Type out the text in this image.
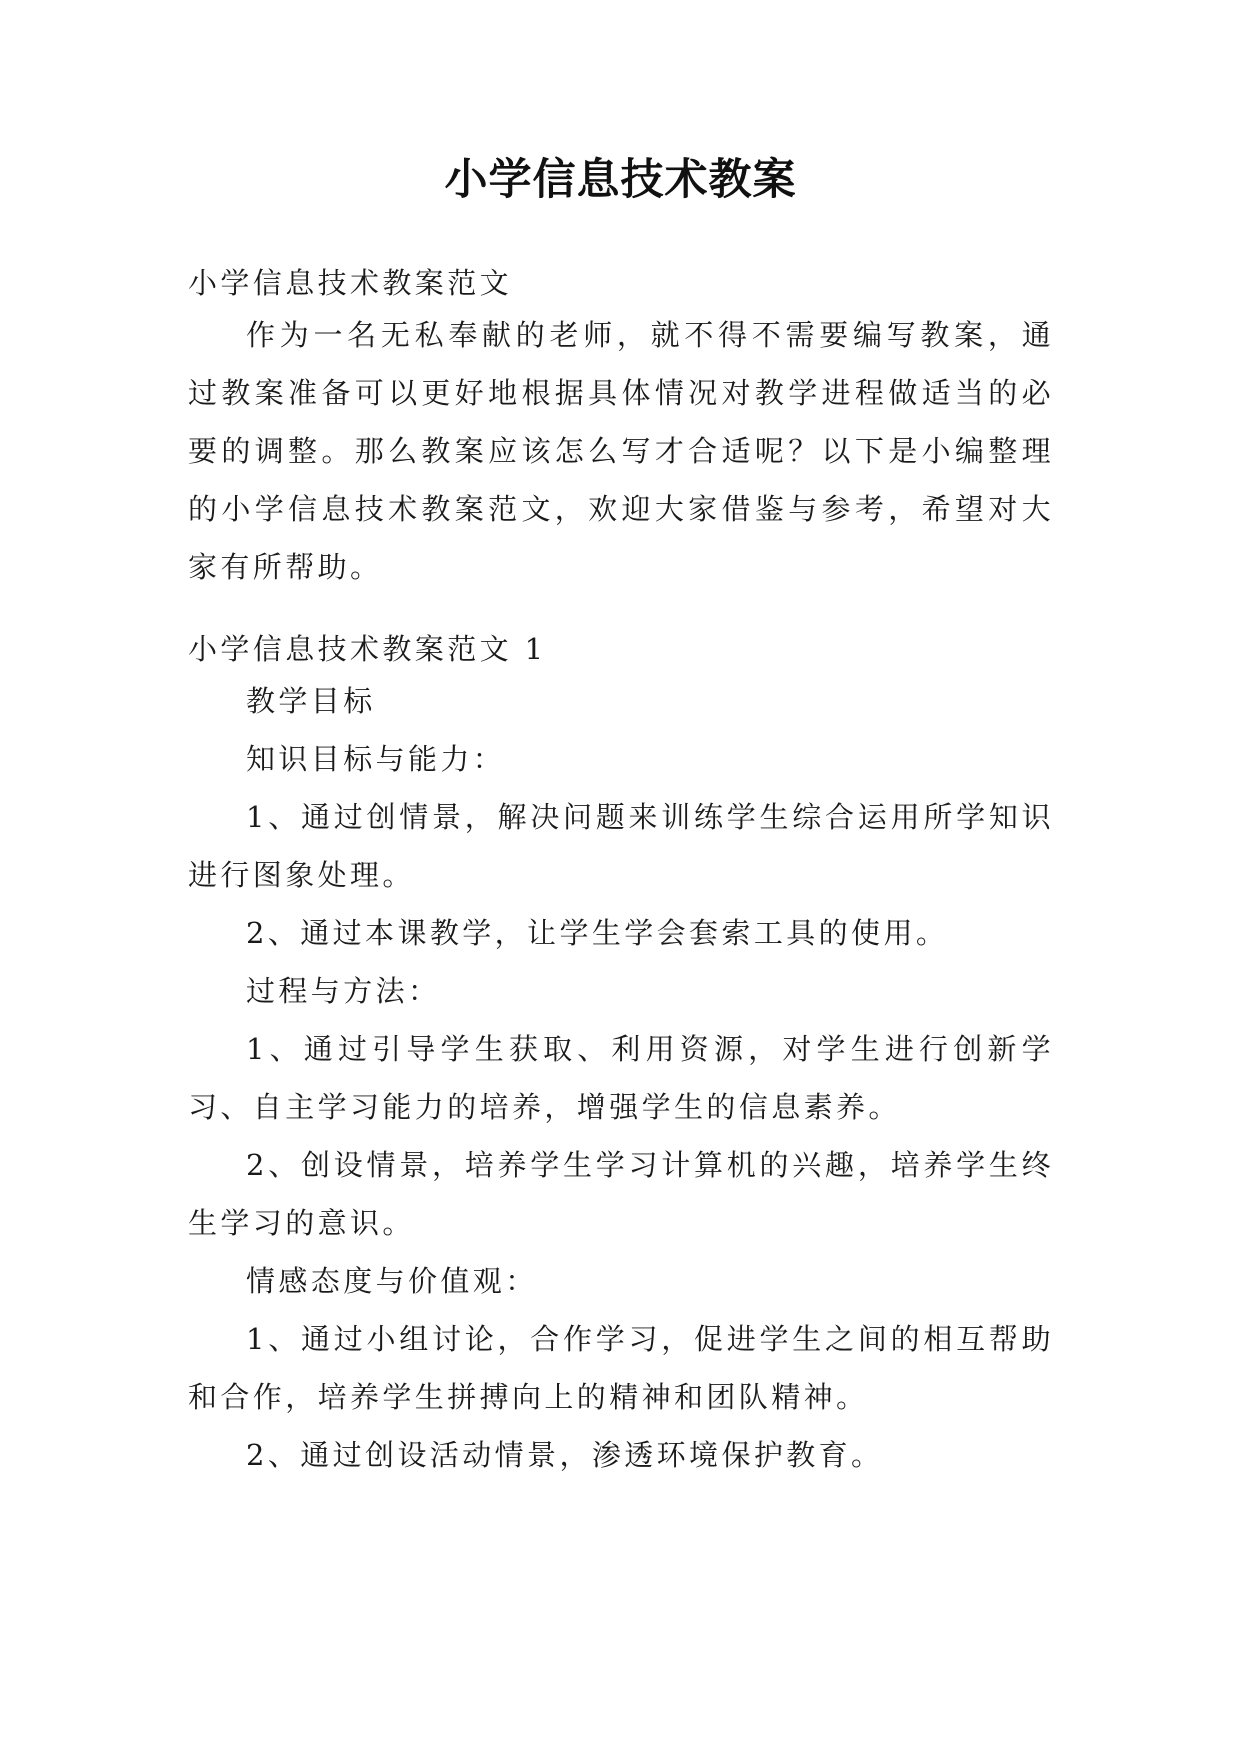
小学信息技术教案

小学信息技术教案范文

作为一名无私奉献的老师，就不得不需要编写教案，通过教案准备可以更好地根据具体情况对教学进程做适当的必要的调整。那么教案应该怎么写才合适呢？以下是小编整理的小学信息技术教案范文，欢迎大家借鉴与参考，希望对大家有所帮助。

小学信息技术教案范文 1

教学目标

知识目标与能力：

1、通过创情景，解决问题来训练学生综合运用所学知识进行图象处理。

2、通过本课教学，让学生学会套索工具的使用。

过程与方法：

1、通过引导学生获取、利用资源，对学生进行创新学习、自主学习能力的培养，增强学生的信息素养。

2、创设情景，培养学生学习计算机的兴趣，培养学生终生学习的意识。

情感态度与价值观：

1、通过小组讨论，合作学习，促进学生之间的相互帮助和合作，培养学生拼搏向上的精神和团队精神。

2、通过创设活动情景，渗透环境保护教育。
